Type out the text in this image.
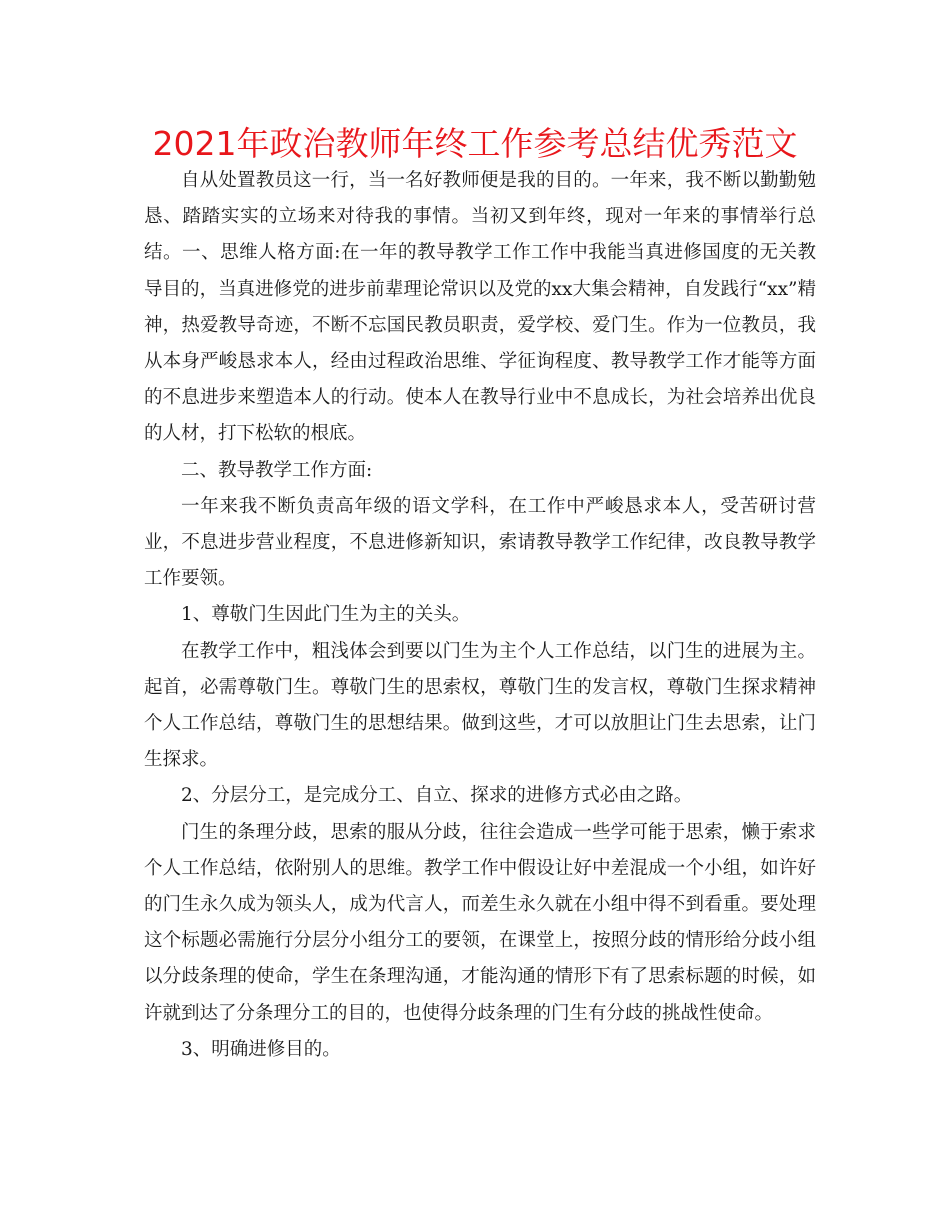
2021年政治教师年终工作参考总结优秀范文

自从处置教员这一行，当一名好教师便是我的目的。一年来，我不断以勤勤勉恳、踏踏实实的立场来对待我的事情。当初又到年终，现对一年来的事情举行总结。一、思维人格方面:在一年的教导教学工作工作中我能当真进修国度的无关教导目的，当真进修党的进步前辈理论常识以及党的xx大集会精神，自发践行“xx”精神，热爱教导奇迹，不断不忘国民教员职责，爱学校、爱门生。作为一位教员，我从本身严峻恳求本人，经由过程政治思维、学征询程度、教导教学工作才能等方面的不息进步来塑造本人的行动。使本人在教导行业中不息成长，为社会培养出优良的人材，打下松软的根底。

二、教导教学工作方面:

一年来我不断负责高年级的语文学科，在工作中严峻恳求本人，受苦研讨营业，不息进步营业程度，不息进修新知识，索请教导教学工作纪律，改良教导教学工作要领。

1、尊敬门生因此门生为主的关头。

在教学工作中，粗浅体会到要以门生为主个人工作总结，以门生的进展为主。起首，必需尊敬门生。尊敬门生的思索权，尊敬门生的发言权，尊敬门生探求精神个人工作总结，尊敬门生的思想结果。做到这些，才可以放胆让门生去思索，让门生探求。

2、分层分工，是完成分工、自立、探求的进修方式必由之路。

门生的条理分歧，思索的服从分歧，往往会造成一些学可能于思索，懒于索求个人工作总结，依附别人的思维。教学工作中假设让好中差混成一个小组，如许好的门生永久成为领头人，成为代言人，而差生永久就在小组中得不到看重。要处理这个标题必需施行分层分小组分工的要领，在课堂上，按照分歧的情形给分歧小组以分歧条理的使命，学生在条理沟通，才能沟通的情形下有了思索标题的时候，如许就到达了分条理分工的目的，也使得分歧条理的门生有分歧的挑战性使命。

3、明确进修目的。
